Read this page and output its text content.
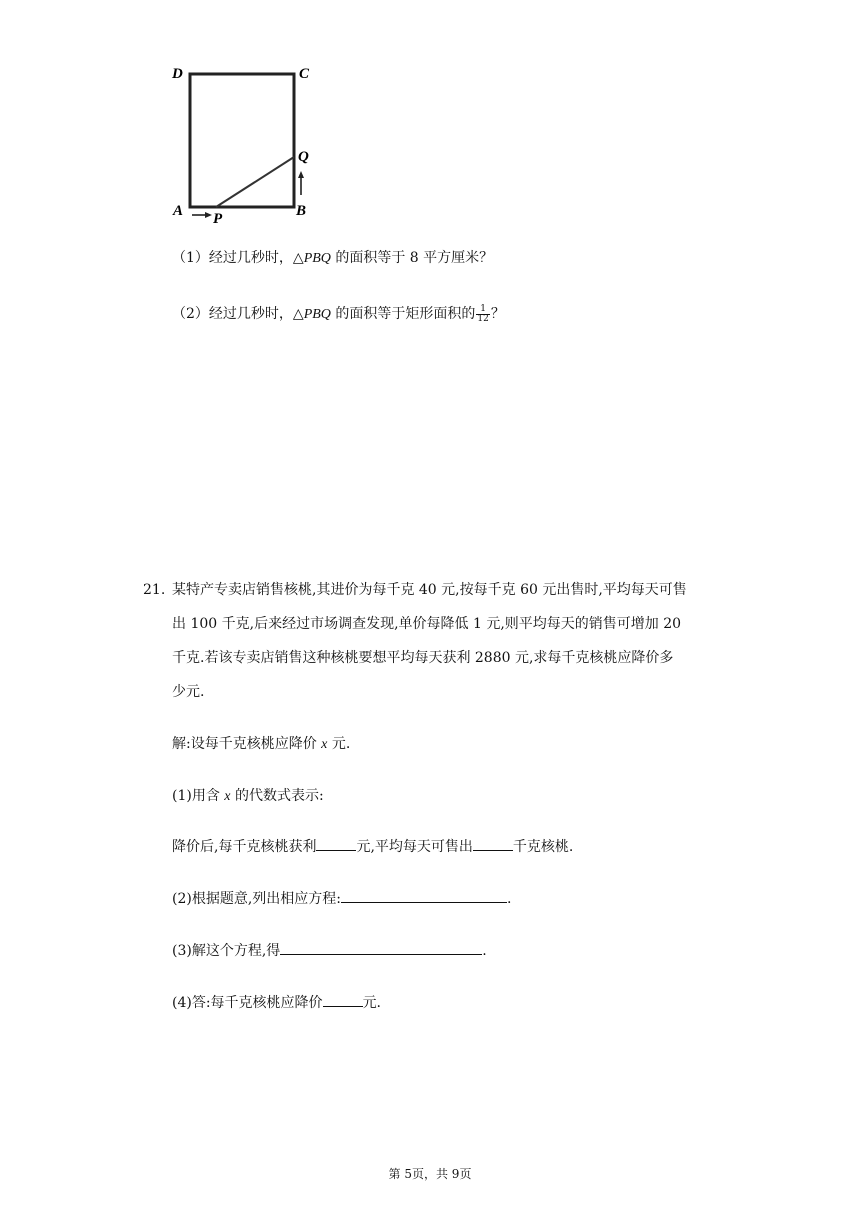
D	C
Q
A P	B
（1）经过几秒时，△PBQ 的面积等于 8 平方厘米？
（2）经过几秒时，△PBQ 的面积等于矩形面积的 $\frac{1}{12}$ ？
21. 某特产专卖店销售核桃,其进价为每千克 40 元,按每千克 60 元出售时,平均每天可售
出 100 千克,后来经过市场调查发现,单价每降低 1 元,则平均每天的销售可增加 20
千克.若该专卖店销售这种核桃要想平均每天获利 2880 元,求每千克核桃应降价多
少元.
解:设每千克核桃应降价 x 元.
(1)用含 x 的代数式表示:
降价后,每千克核桃获利	元,平均每天可售出	千克核桃.
(2)根据题意,列出相应方程:	.
(3)解这个方程,得	.
(4)答:每千克核桃应降价	元.
第 5页，共 9页
